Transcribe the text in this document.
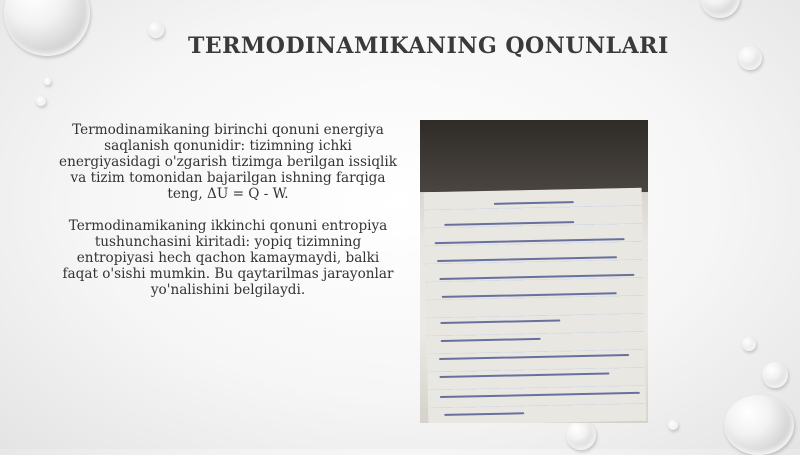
TERMODINAMIKANING QONUNLARI

Termodinamikaning birinchi qonuni energiya saqlanish qonunidir: tizimning ichki energiyasidagi o'zgarish tizimga berilgan issiqlik va tizim tomonidan bajarilgan ishning farqiga teng, ΔU = Q - W.

Termodinamikaning ikkinchi qonuni entropiya tushunchasini kiritadi: yopiq tizimning entropiyasi hech qachon kamaymaydi, balki faqat o'sishi mumkin. Bu qaytarilmas jarayonlar yo'nalishini belgilaydi.
